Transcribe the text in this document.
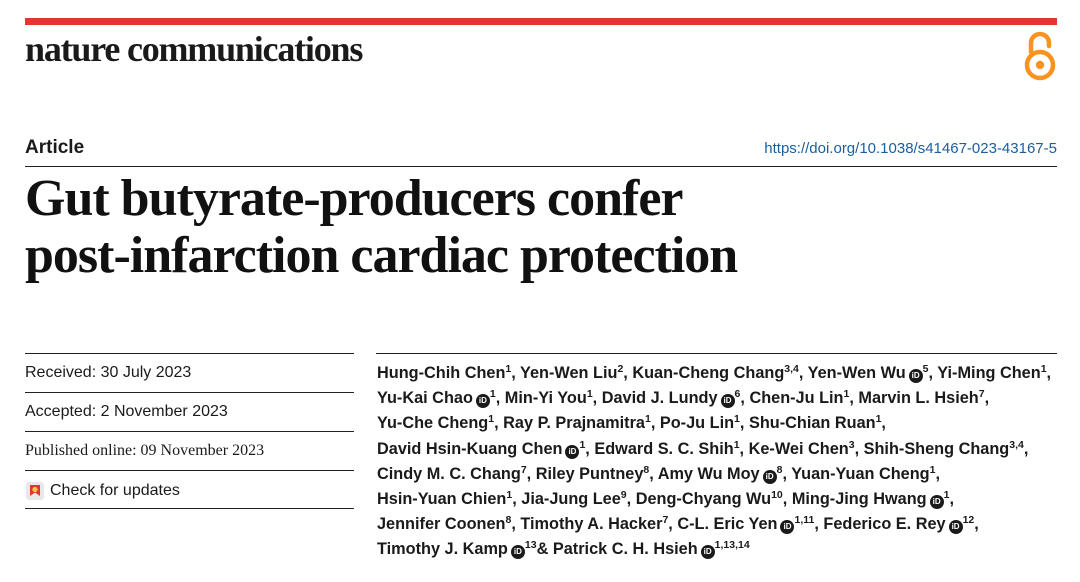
nature communications
Article	https://doi.org/10.1038/s41467-023-43167-5
Gut butyrate-producers confer
post-infarction cardiac protection
Received: 30 July 2023
Accepted: 2 November 2023
Published online: 09 November 2023
Check for updates
Hung-Chih Chen$^1$, Yen-Wen Liu$^2$, Kuan-Cheng Chang$^{3,4}$, Yen-Wen Wu $iD^5$, Yi-Ming Chen$^1$, Yu-Kai Chao $iD^1$, Min-Yi You$^1$, David J. Lundy $iD^6$, Chen-Ju Lin$^1$, Marvin L. Hsieh$^7$, Yu-Che Cheng$^1$, Ray P. Prajnamitra$^1$, Po-Ju Lin$^1$, Shu-Chian Ruan$^1$, David Hsin-Kuang Chen $iD^1$, Edward S. C. Shih$^1$, Ke-Wei Chen$^3$, Shih-Sheng Chang$^{3,4}$, Cindy M. C. Chang$^7$, Riley Puntney$^8$, Amy Wu Moy $iD^8$, Yuan-Yuan Cheng$^1$, Hsin-Yuan Chien$^1$, Jia-Jung Lee$^9$, Deng-Chyang Wu$^{10}$, Ming-Jing Hwang $iD^1$, Jennifer Coonen$^8$, Timothy A. Hacker$^7$, C-L. Eric Yen iD$^{1,11}$, Federico E. Rey $iD^{12}$, Timothy J. Kamp $iD^{13}\&$ Patrick C. H. Hsieh iD$^{1,13,14}$
